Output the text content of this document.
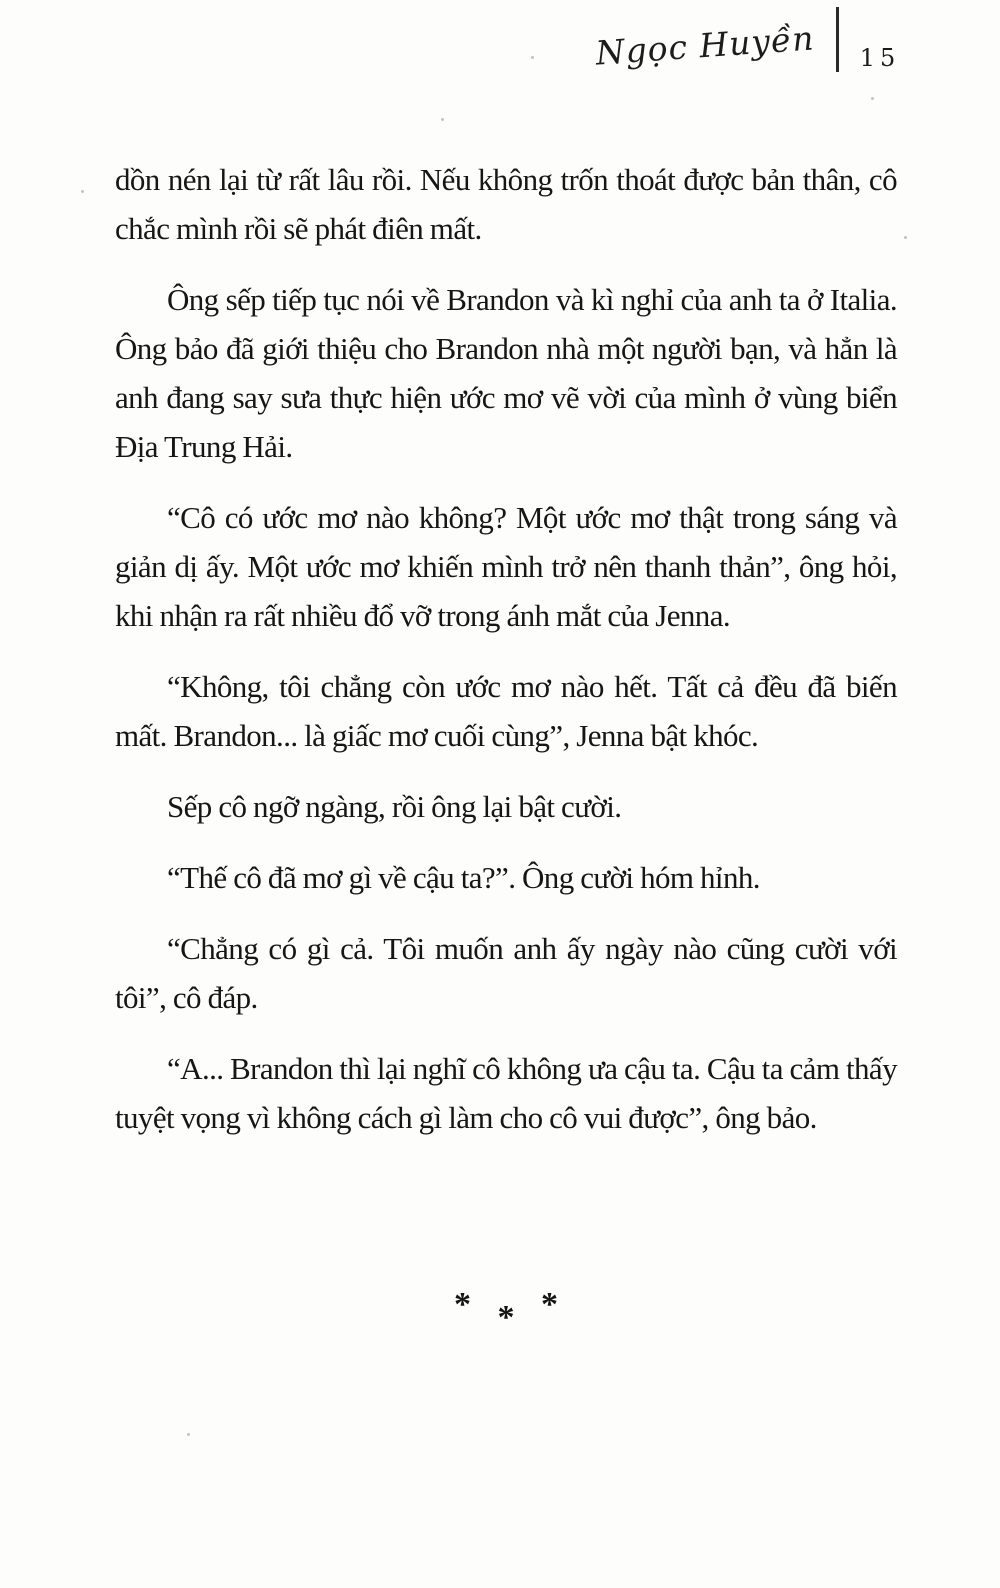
Ngọc Huyền	15
dồn nén lại từ rất lâu rồi. Nếu không trốn thoát được bản thân, cô chắc mình rồi sẽ phát điên mất.
Ông sếp tiếp tục nói về Brandon và kì nghỉ của anh ta ở Italia. Ông bảo đã giới thiệu cho Brandon nhà một người bạn, và hẳn là anh đang say sưa thực hiện ước mơ vẽ vời của mình ở vùng biển Địa Trung Hải.
“Cô có ước mơ nào không? Một ước mơ thật trong sáng và giản dị ấy. Một ước mơ khiến mình trở nên thanh thản”, ông hỏi, khi nhận ra rất nhiều đổ vỡ trong ánh mắt của Jenna.
“Không, tôi chẳng còn ước mơ nào hết. Tất cả đều đã biến mất. Brandon... là giấc mơ cuối cùng”, Jenna bật khóc.
Sếp cô ngỡ ngàng, rồi ông lại bật cười.
“Thế cô đã mơ gì về cậu ta?”. Ông cười hóm hỉnh.
“Chẳng có gì cả. Tôi muốn anh ấy ngày nào cũng cười với tôi”, cô đáp.
“A... Brandon thì lại nghĩ cô không ưa cậu ta. Cậu ta cảm thấy tuyệt vọng vì không cách gì làm cho cô vui được”, ông bảo.
* * *
